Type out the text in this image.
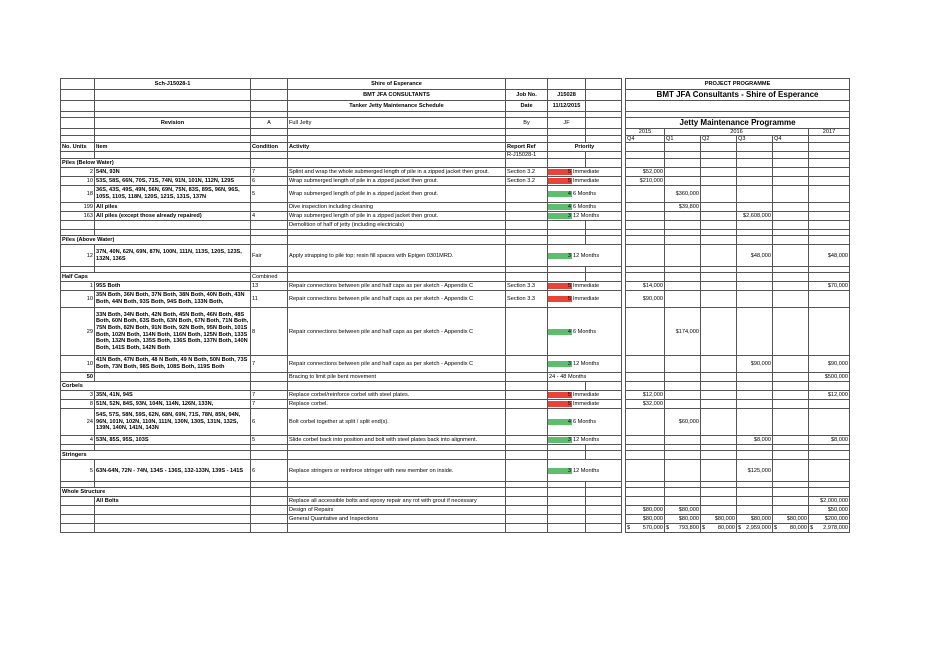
	Sch-J15028-1		Shire of Esperance					PROJECT PROGRAMME					
			BMT JFA CONSULTANTS	Job No.	J15028			BMT JFA Consultants - Shire of Esperance					
			Tanker Jetty Maintenance Schedule	Date	11/12/2015								

	Revision	A	Full Jetty	By	JF			Jetty Maintenance Programme					
								2015	2016				2017
								Q4	Q1	Q2	Q3	Q4	
No. Units	Item	Condition	Activity	Report Ref	Priority								
				R-J15028-1									
Piles (Below Water)													
2	54N, 93N	7	Splint and wrap the whole submerged length of pile in a zipped jacket then grout.	Section 3.2	5 Immediate			$52,000					
10	53S, 58S, 66N, 70S, 71S, 74N, 91N, 101N, 112N, 129S	6	Wrap submerged length of pile in a zipped jacket then grout.	Section 3.2	5 Immediate			$210,000					
18	36S, 43S, 49S, 49N, 56N, 69N, 75N, 83S, 89S, 96N, 96S, 105S, 110S, 118N, 120S, 121S, 131S, 137N	5	Wrap submerged length of pile in a zipped jacket then grout.		4 6 Months				$360,000				
199	All piles		Dive inspection including cleaning		4 6 Months				$39,800				
163	All piles (except those already repaired)	4	Wrap submerged length of pile in a zipped jacket then grout.		3 12 Months						$2,608,000		
			Demolition of half of jetty (including electricals)										

Piles (Above Water)													
12	37N, 40N, 62N, 69N, 87N, 100N, 111N, 113S, 120S, 123S, 132N, 136S	Fair	Apply strapping to pile top; resin fill spaces with Epigen 0301MRD.		3 12 Months						$48,000		$48,000

Half Caps		Combined											
1	95S Both	13	Repair connections between pile and half caps as per sketch - Appendix C	Section 3.3	5 Immediate			$14,000					$70,000
10	35N Both, 36N Both, 37N Both, 38N Both, 40N Both, 43N Both, 44N Both, 93S Both, 94S Both, 133N Both,	11	Repair connections between pile and half caps as per sketch - Appendix C	Section 3.3	5 Immediate			$90,000					
29	33N Both, 34N Both, 42N Both, 45N Both, 46N Both, 48S Both, 60N Both, 63S Both, 63N Both, 67N Both, 71N Both, 75N Both, 82N Both, 91N Both, 92N Both, 95N Both, 101S Both, 102N Both, 114N Both, 116N Both, 125N Both, 133S Both, 132N Both, 135S Both, 136S Both, 137N Both, 140N Both, 141S Both, 142N Both	8	Repair connections between pile and half caps as per sketch - Appendix C		4 6 Months				$174,000				
10	41N Both, 47N Both, 48 N Both, 49 N Both, 50N Both, 73S Both, 73N Both, 98S Both, 108S Both, 119S Both	7	Repair connections between pile and half caps as per sketch - Appendix C		3 12 Months						$90,000		$90,000
50			Bracing to limit pile bent movement		24 - 48 Months								$500,000
Corbels													
3	35N, 41N, 94S	7	Replace corbel/reinforce corbel with steel plates.		5 Immediate			$12,000					$12,000
8	51N, 52N, 84S, 93N, 104N, 114N, 126N, 133N,	7	Replace corbel.		5 Immediate			$32,000					
24	54S, 57S, 58N, 59S, 62N, 68N, 69N, 71S, 78N, 85N, 94N, 96N, 101N, 102N, 110N, 111N, 130N, 130S, 131N, 132S, 139N, 140N, 141N, 143N	6	Bolt corbel together at split / split end(s).		4 6 Months				$60,000				
4	53N, 85S, 95S, 103S	5	Slide corbel back into position and bolt with steel plates back into alignment.		3 12 Months						$8,000		$8,000

Stringers													
5	63N-64N, 72N - 74N, 134S - 136S, 132-133N, 139S - 141S	6	Replace stringers or reinforce stringer with new member on inside.		3 12 Months						$125,000		

Whole Structure													
	All Bolts		Replace all accessible bolts and epoxy repair any rot with grout if necessary										$2,000,000
			Design of Repairs					$80,000	$80,000				$50,000
			General Quantative and Inspections					$80,000	$80,000	$80,000	$80,000	$80,000	$200,000

								$ 570,000	$ 793,800	$ 80,000	$ 2,959,000	$ 80,000	$ 2,978,000
